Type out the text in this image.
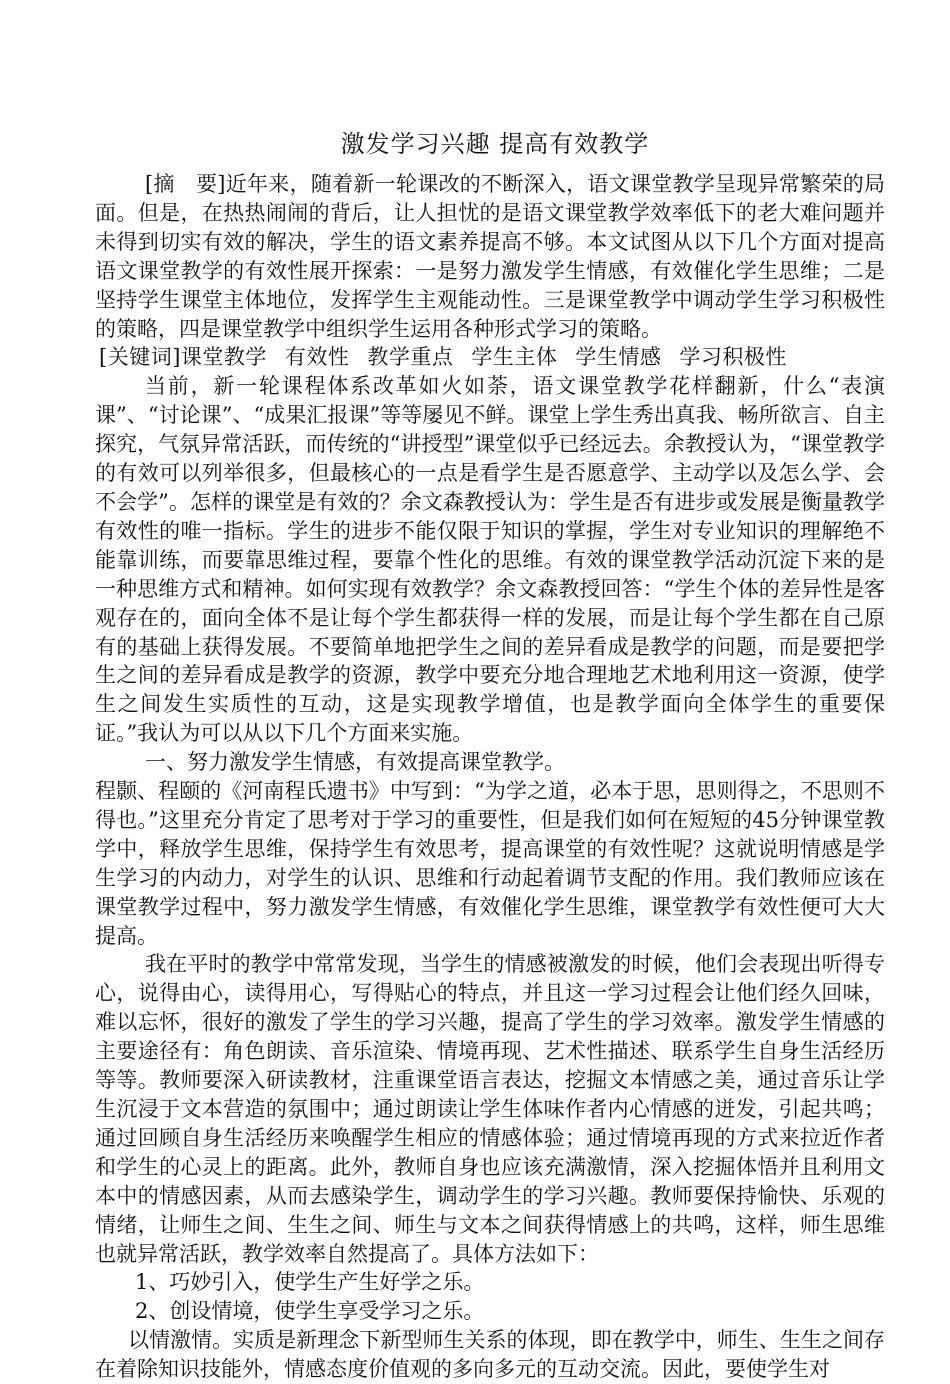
激发学习兴趣 提高有效教学

[摘　要]近年来，随着新一轮课改的不断深入，语文课堂教学呈现异常繁荣的局面。但是，在热热闹闹的背后，让人担忧的是语文课堂教学效率低下的老大难问题并未得到切实有效的解决，学生的语文素养提高不够。本文试图从以下几个方面对提高语文课堂教学的有效性展开探索：一是努力激发学生情感，有效催化学生思维；二是坚持学生课堂主体地位，发挥学生主观能动性。三是课堂教学中调动学生学习积极性的策略，四是课堂教学中组织学生运用各种形式学习的策略。

[关键词]课堂教学 有效性 教学重点 学生主体 学生情感 学习积极性

当前，新一轮课程体系改革如火如荼，语文课堂教学花样翻新，什么“表演课”、“讨论课”、“成果汇报课”等等屡见不鲜。课堂上学生秀出真我、畅所欲言、自主探究，气氛异常活跃，而传统的“讲授型”课堂似乎已经远去。余教授认为，“课堂教学的有效可以列举很多，但最核心的一点是看学生是否愿意学、主动学以及怎么学、会不会学”。怎样的课堂是有效的？余文森教授认为：学生是否有进步或发展是衡量教学有效性的唯一指标。学生的进步不能仅限于知识的掌握，学生对专业知识的理解绝不能靠训练，而要靠思维过程，要靠个性化的思维。有效的课堂教学活动沉淀下来的是一种思维方式和精神。如何实现有效教学？余文森教授回答：“学生个体的差异性是客观存在的，面向全体不是让每个学生都获得一样的发展，而是让每个学生都在自己原有的基础上获得发展。不要简单地把学生之间的差异看成是教学的问题，而是要把学生之间的差异看成是教学的资源，教学中要充分地合理地艺术地利用这一资源，使学生之间发生实质性的互动，这是实现教学增值，也是教学面向全体学生的重要保证。”我认为可以从以下几个方面来实施。

一、努力激发学生情感，有效提高课堂教学。

程颢、程颐的《河南程氏遗书》中写到：“为学之道，必本于思，思则得之，不思则不得也。”这里充分肯定了思考对于学习的重要性，但是我们如何在短短的45分钟课堂教学中，释放学生思维，保持学生有效思考，提高课堂的有效性呢？这就说明情感是学生学习的内动力，对学生的认识、思维和行动起着调节支配的作用。我们教师应该在课堂教学过程中，努力激发学生情感，有效催化学生思维，课堂教学有效性便可大大提高。

我在平时的教学中常常发现，当学生的情感被激发的时候，他们会表现出听得专心，说得由心，读得用心，写得贴心的特点，并且这一学习过程会让他们经久回味，难以忘怀，很好的激发了学生的学习兴趣，提高了学生的学习效率。激发学生情感的主要途径有：角色朗读、音乐渲染、情境再现、艺术性描述、联系学生自身生活经历等等。教师要深入研读教材，注重课堂语言表达，挖掘文本情感之美，通过音乐让学生沉浸于文本营造的氛围中；通过朗读让学生体味作者内心情感的迸发，引起共鸣；通过回顾自身生活经历来唤醒学生相应的情感体验；通过情境再现的方式来拉近作者和学生的心灵上的距离。此外，教师自身也应该充满激情，深入挖掘体悟并且利用文本中的情感因素，从而去感染学生，调动学生的学习兴趣。教师要保持愉快、乐观的情绪，让师生之间、生生之间、师生与文本之间获得情感上的共鸣，这样，师生思维也就异常活跃，教学效率自然提高了。具体方法如下：

1、巧妙引入，使学生产生好学之乐。

2、创设情境，使学生享受学习之乐。

以情激情。实质是新理念下新型师生关系的体现，即在教学中，师生、生生之间存在着除知识技能外，情感态度价值观的多向多元的互动交流。因此，要使学生对
